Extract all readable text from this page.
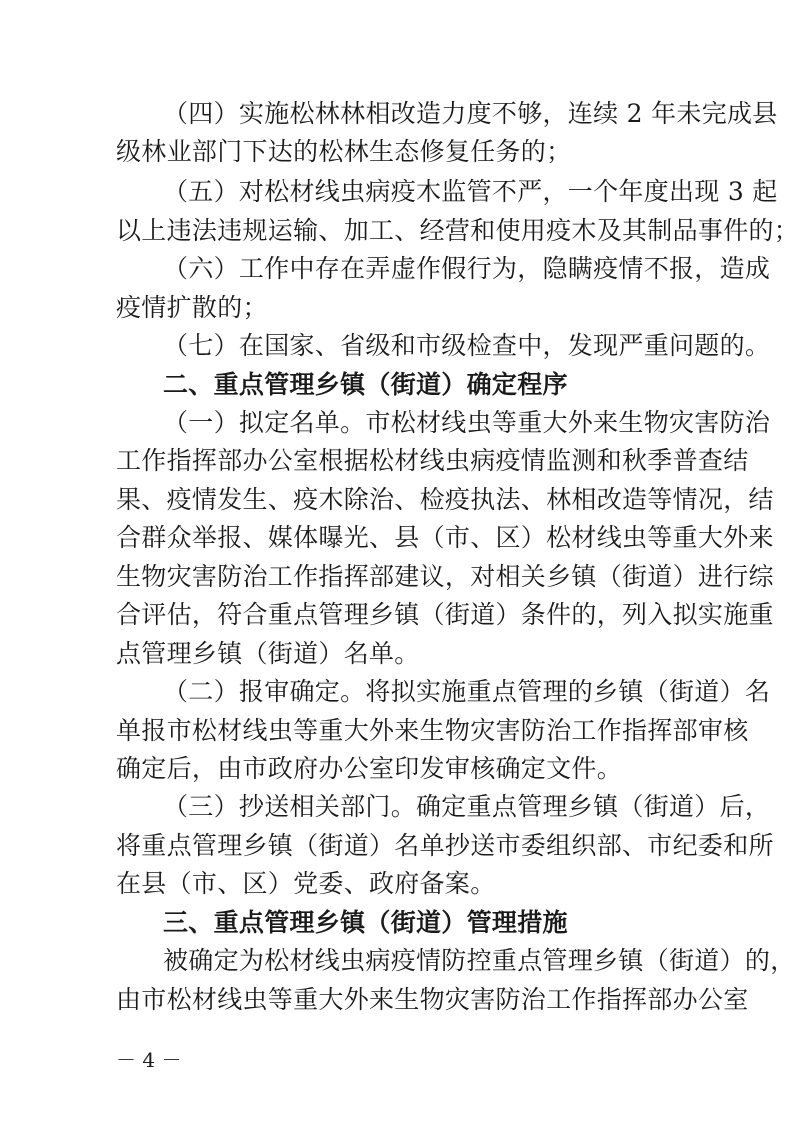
（四）实施松林林相改造力度不够，连续 2 年未完成县
级林业部门下达的松林生态修复任务的；
（五）对松材线虫病疫木监管不严，一个年度出现 3 起
以上违法违规运输、加工、经营和使用疫木及其制品事件的；
（六）工作中存在弄虚作假行为，隐瞒疫情不报，造成
疫情扩散的；
（七）在国家、省级和市级检查中，发现严重问题的。
二、重点管理乡镇（街道）确定程序
（一）拟定名单。市松材线虫等重大外来生物灾害防治
工作指挥部办公室根据松材线虫病疫情监测和秋季普查结
果、疫情发生、疫木除治、检疫执法、林相改造等情况，结
合群众举报、媒体曝光、县（市、区）松材线虫等重大外来
生物灾害防治工作指挥部建议，对相关乡镇（街道）进行综
合评估，符合重点管理乡镇（街道）条件的，列入拟实施重
点管理乡镇（街道）名单。
（二）报审确定。将拟实施重点管理的乡镇（街道）名
单报市松材线虫等重大外来生物灾害防治工作指挥部审核
确定后，由市政府办公室印发审核确定文件。
（三）抄送相关部门。确定重点管理乡镇（街道）后，
将重点管理乡镇（街道）名单抄送市委组织部、市纪委和所
在县（市、区）党委、政府备案。
三、重点管理乡镇（街道）管理措施
被确定为松材线虫病疫情防控重点管理乡镇（街道）的，
由市松材线虫等重大外来生物灾害防治工作指挥部办公室
－ 4 －
